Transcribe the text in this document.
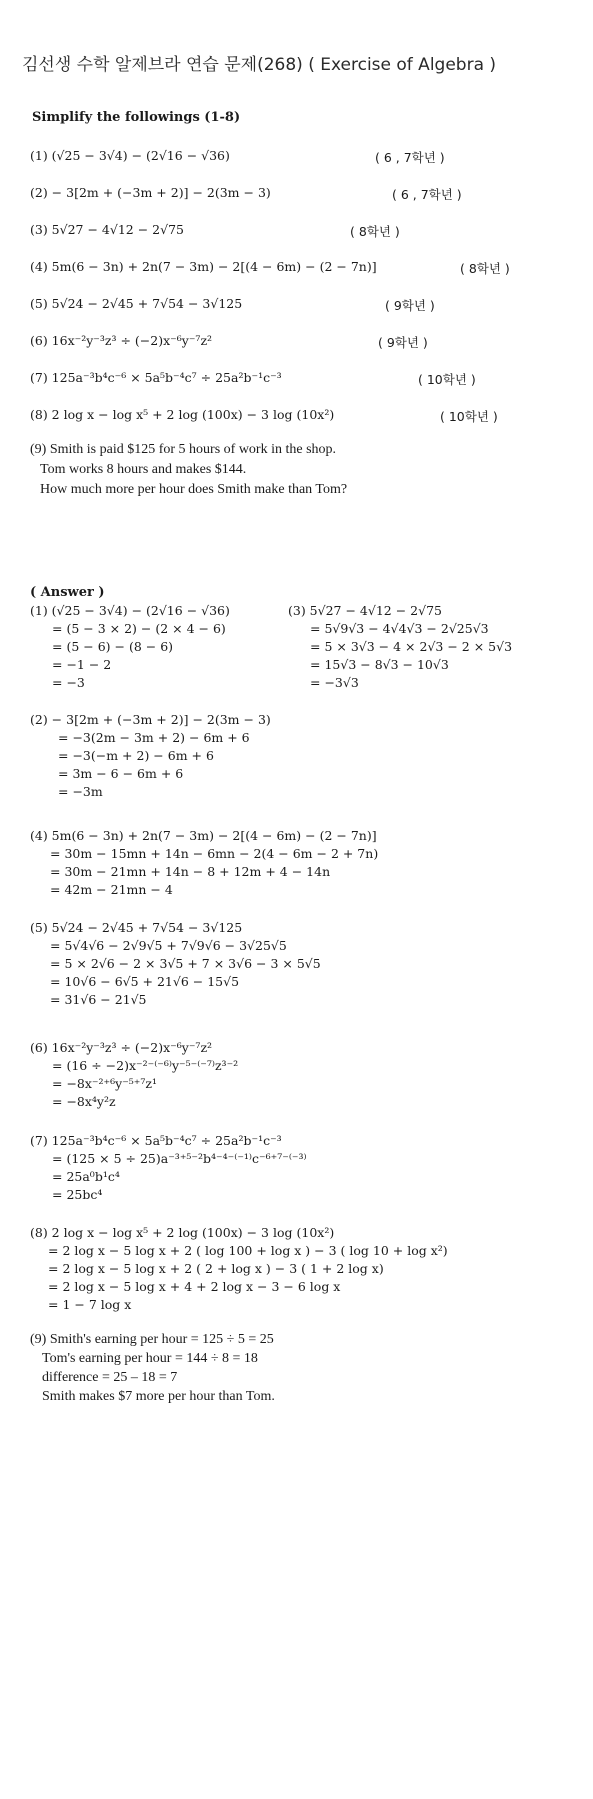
김선생 수학 알제브라 연습 문제(268) ( Exercise of Algebra )
Simplify the followings (1-8)
(1) (√25 − 3√4) − (2√16 − √36)	( 6 , 7학년 )
(2) − 3[2m + (−3m + 2)] − 2(3m − 3)	( 6 , 7학년 )
(3) 5√27 − 4√12 − 2√75	( 8학년 )
(4) 5m(6 − 3n) + 2n(7 − 3m) − 2[(4 − 6m) − (2 − 7n)]	( 8학년 )
(5) 5√24 − 2√45 + 7√54 − 3√125	( 9학년 )
(6) 16x⁻²y⁻³z³ ÷ (−2)x⁻⁶y⁻⁷z²	( 9학년 )
(7) 125a⁻³b⁴c⁻⁶ × 5a⁵b⁻⁴c⁷ ÷ 25a²b⁻¹c⁻³	( 10학년 )
(8) 2 log x − log x⁵ + 2 log (100x) − 3 log (10x²)	( 10학년 )
(9) Smith is paid $125 for 5 hours of work in the shop.
Tom works 8 hours and makes $144.
How much more per hour does Smith make than Tom?
( Answer )
(1) (√25 − 3√4) − (2√16 − √36)
= (5 − 3 × 2) − (2 × 4 − 6)
= (5 − 6) − (8 − 6)
= −1 − 2
= −3
(3) 5√27 − 4√12 − 2√75
= 5√9√3 − 4√4√3 − 2√25√3
= 5 × 3√3 − 4 × 2√3 − 2 × 5√3
= 15√3 − 8√3 − 10√3
= −3√3
(2) − 3[2m + (−3m + 2)] − 2(3m − 3)
= −3(2m − 3m + 2) − 6m + 6
= −3(−m + 2) − 6m + 6
= 3m − 6 − 6m + 6
= −3m
(4) 5m(6 − 3n) + 2n(7 − 3m) − 2[(4 − 6m) − (2 − 7n)]
= 30m − 15mn + 14n − 6mn − 2(4 − 6m − 2 + 7n)
= 30m − 21mn + 14n − 8 + 12m + 4 − 14n
= 42m − 21mn − 4
(5) 5√24 − 2√45 + 7√54 − 3√125
= 5√4√6 − 2√9√5 + 7√9√6 − 3√25√5
= 5 × 2√6 − 2 × 3√5 + 7 × 3√6 − 3 × 5√5
= 10√6 − 6√5 + 21√6 − 15√5
= 31√6 − 21√5
(6) 16x⁻²y⁻³z³ ÷ (−2)x⁻⁶y⁻⁷z²
= (16 ÷ −2)x⁻²⁻⁽⁻⁶⁾y⁻⁵⁻⁽⁻⁷⁾z³⁻²
= −8x⁻²⁺⁶y⁻⁵⁺⁷z¹
= −8x⁴y²z
(7) 125a⁻³b⁴c⁻⁶ × 5a⁵b⁻⁴c⁷ ÷ 25a²b⁻¹c⁻³
= (125 × 5 ÷ 25)a⁻³⁺⁵⁻²b⁴⁻⁴⁻⁽⁻¹⁾c⁻⁶⁺⁷⁻⁽⁻³⁾
= 25a⁰b¹c⁴
= 25bc⁴
(8) 2 log x − log x⁵ + 2 log (100x) − 3 log (10x²)
= 2 log x − 5 log x + 2 ( log 100 + log x ) − 3 ( log 10 + log x²)
= 2 log x − 5 log x + 2 ( 2 + log x ) − 3 ( 1 + 2 log x)
= 2 log x − 5 log x + 4 + 2 log x − 3 − 6 log x
= 1 − 7 log x
(9) Smith's earning per hour = 125 ÷ 5 = 25
Tom's earning per hour = 144 ÷ 8 = 18
difference = 25 – 18 = 7
Smith makes $7 more per hour than Tom.
